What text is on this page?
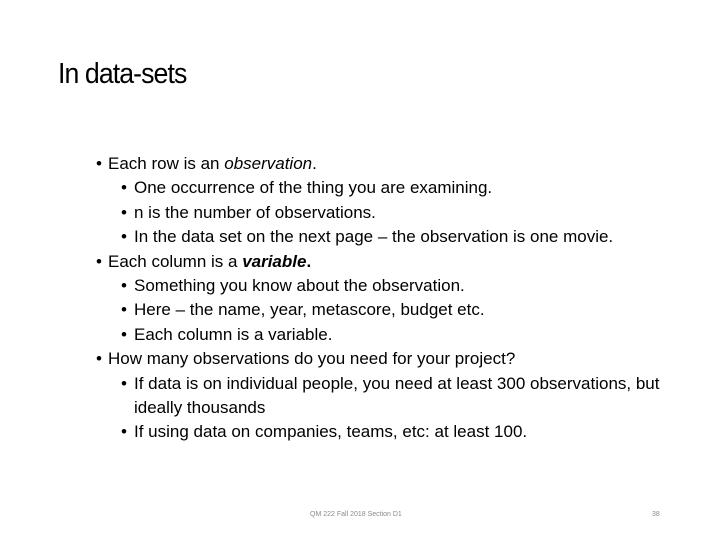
In data-sets

• Each row is an observation.

• One occurrence of the thing you are examining.

• n is the number of observations.

• In the data set on the next page – the observation is one movie.

• Each column is a variable.

• Something you know about the observation.

• Here – the name, year, metascore, budget etc.

• Each column is a variable.

• How many observations do you need for your project?

• If data is on individual people, you need at least 300 observations, but ideally thousands

• If using data on companies, teams, etc: at least 100.

QM 222 Fall 2018 Section D1	38
